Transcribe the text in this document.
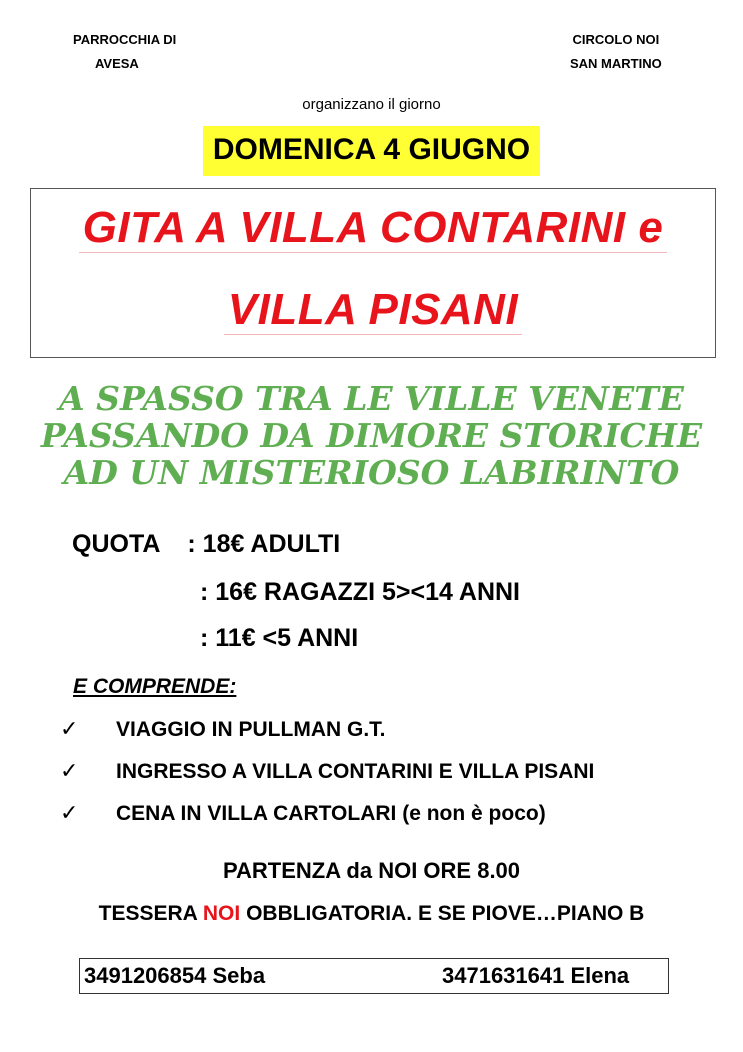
PARROCCHIA DI
AVESA
CIRCOLO NOI
SAN MARTINO
organizzano il giorno
DOMENICA 4 GIUGNO
GITA A VILLA CONTARINI e
VILLA PISANI
A SPASSO TRA LE VILLE VENETE
PASSANDO DA DIMORE STORICHE
AD UN MISTERIOSO LABIRINTO
QUOTA : 18€ ADULTI
: 16€ RAGAZZI 5><14 ANNI
: 11€ <5 ANNI
E COMPRENDE:
✓ VIAGGIO IN PULLMAN G.T.
✓ INGRESSO A VILLA CONTARINI E VILLA PISANI
✓ CENA IN VILLA CARTOLARI (e non è poco)
PARTENZA da NOI ORE 8.00
TESSERA NOI OBBLIGATORIA. E SE PIOVE…PIANO B
3491206854 Seba	3471631641 Elena
